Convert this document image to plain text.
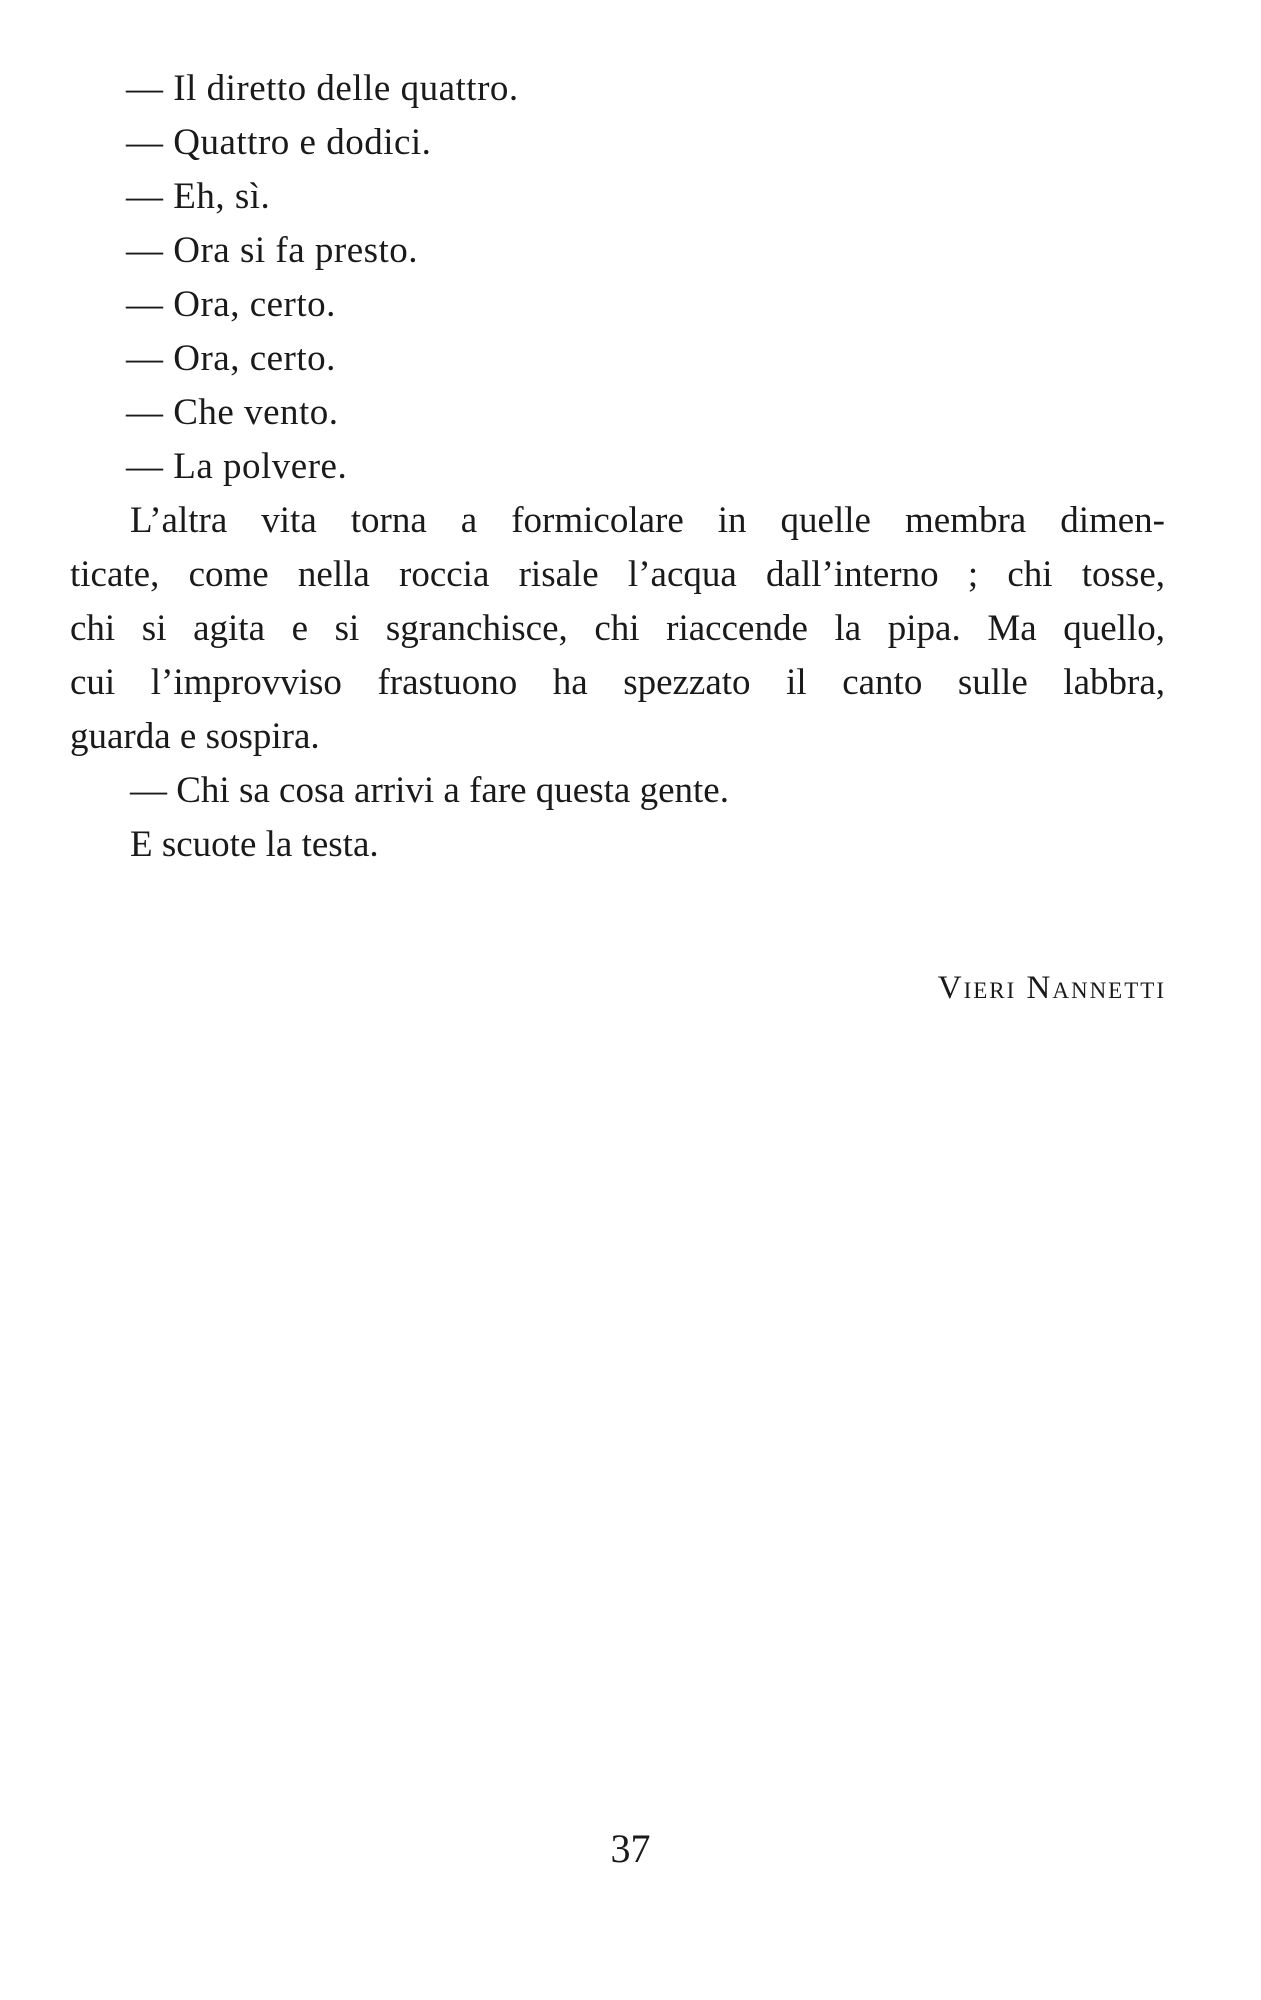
— Il diretto delle quattro.
— Quattro e dodici.
— Eh, sì.
— Ora si fa presto.
— Ora, certo.
— Ora, certo.
— Che vento.
— La polvere.
L’altra vita torna a formicolare in quelle membra dimen-
ticate, come nella roccia risale l’acqua dall’interno ; chi tosse,
chi si agita e si sgranchisce, chi riaccende la pipa. Ma quello,
cui l’improvviso frastuono ha spezzato il canto sulle labbra,
guarda e sospira.
— Chi sa cosa arrivi a fare questa gente.
E scuote la testa.
Vieri Nannetti
37
